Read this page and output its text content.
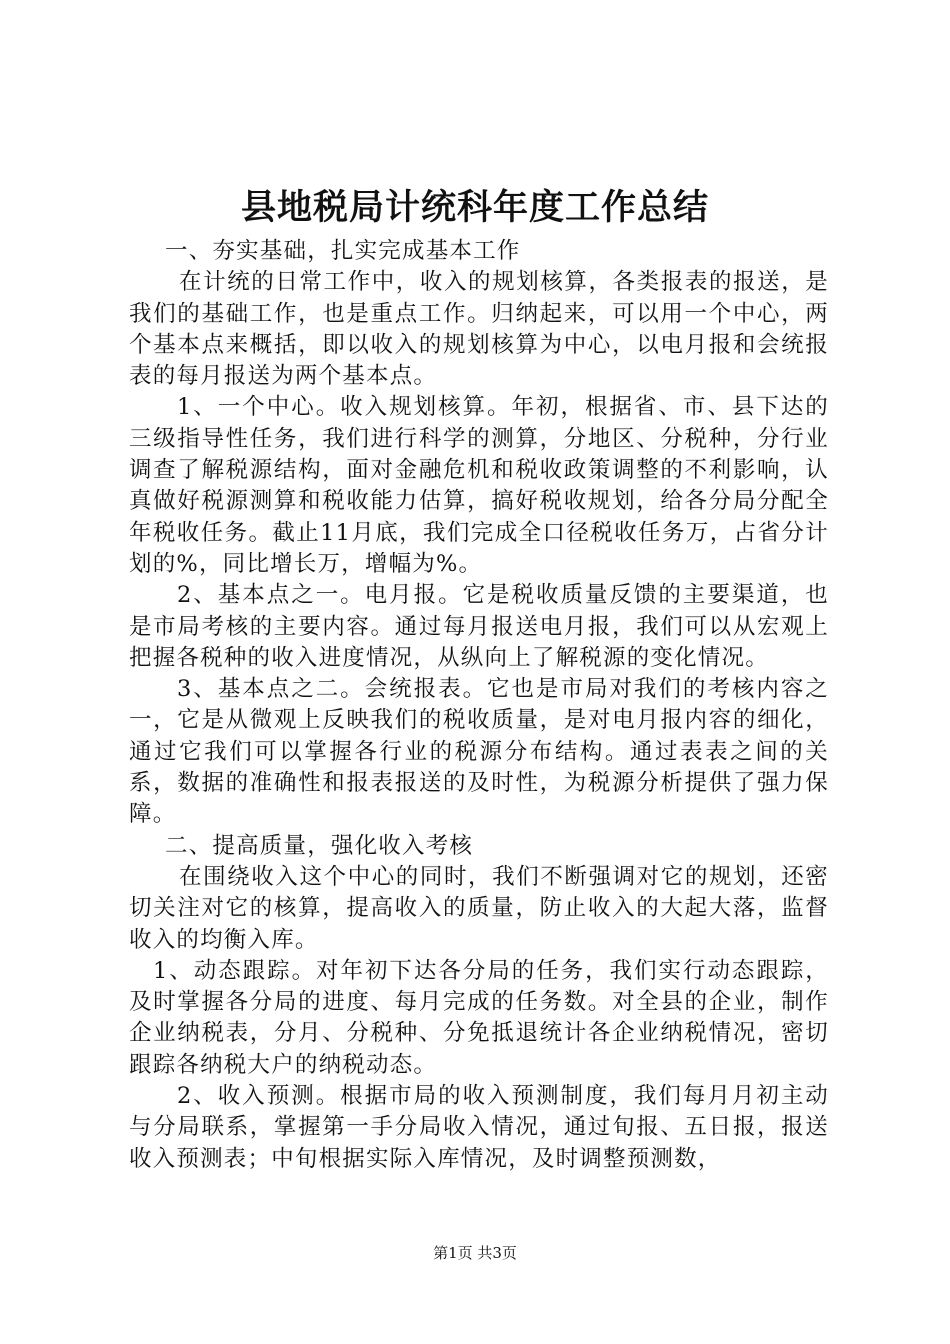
县地税局计统科年度工作总结

一、夯实基础，扎实完成基本工作

在计统的日常工作中，收入的规划核算，各类报表的报送，是我们的基础工作，也是重点工作。归纳起来，可以用一个中心，两个基本点来概括，即以收入的规划核算为中心，以电月报和会统报表的每月报送为两个基本点。

1、一个中心。收入规划核算。年初，根据省、市、县下达的三级指导性任务，我们进行科学的测算，分地区、分税种，分行业调查了解税源结构，面对金融危机和税收政策调整的不利影响，认真做好税源测算和税收能力估算，搞好税收规划，给各分局分配全年税收任务。截止11月底，我们完成全口径税收任务万，占省分计划的%，同比增长万，增幅为%。

2、基本点之一。电月报。它是税收质量反馈的主要渠道，也是市局考核的主要内容。通过每月报送电月报，我们可以从宏观上把握各税种的收入进度情况，从纵向上了解税源的变化情况。

3、基本点之二。会统报表。它也是市局对我们的考核内容之一，它是从微观上反映我们的税收质量，是对电月报内容的细化，通过它我们可以掌握各行业的税源分布结构。通过表表之间的关系，数据的准确性和报表报送的及时性，为税源分析提供了强力保障。

二、提高质量，强化收入考核

在围绕收入这个中心的同时，我们不断强调对它的规划，还密切关注对它的核算，提高收入的质量，防止收入的大起大落，监督收入的均衡入库。

1、动态跟踪。对年初下达各分局的任务，我们实行动态跟踪，及时掌握各分局的进度、每月完成的任务数。对全县的企业，制作企业纳税表，分月、分税种、分免抵退统计各企业纳税情况，密切跟踪各纳税大户的纳税动态。

2、收入预测。根据市局的收入预测制度，我们每月月初主动与分局联系，掌握第一手分局收入情况，通过旬报、五日报，报送收入预测表；中旬根据实际入库情况，及时调整预测数，

第1页 共3页
